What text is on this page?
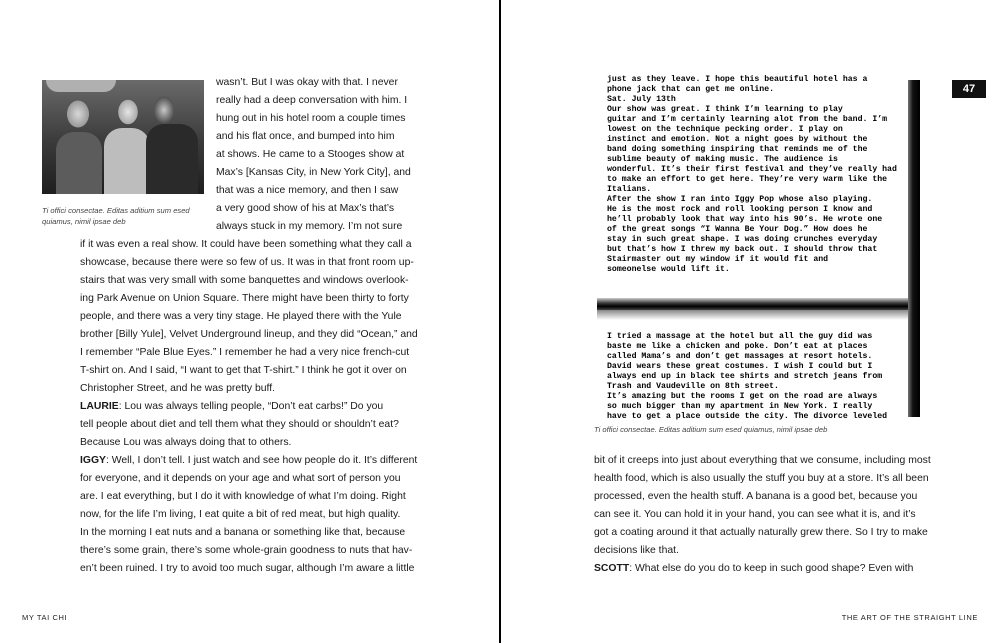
Ti offici consectae. Editas aditium sum esed
quiamus, nimil ipsae deb
wasn’t. But I was okay with that. I never
really had a deep conversation with him. I
hung out in his hotel room a couple times
and his flat once, and bumped into him
at shows. He came to a Stooges show at
Max’s [Kansas City, in New York City], and
that was a nice memory, and then I saw
a very good show of his at Max’s that’s
always stuck in my memory. I’m not sure
if it was even a real show. It could have been something what they call a
showcase, because there were so few of us. It was in that front room up-
stairs that was very small with some banquettes and windows overlook-
ing Park Avenue on Union Square. There might have been thirty to forty
people, and there was a very tiny stage. He played there with the Yule
brother [Billy Yule], Velvet Underground lineup, and they did “Ocean,” and
I remember “Pale Blue Eyes.” I remember he had a very nice french-cut
T-shirt on. And I said, “I want to get that T-shirt.” I think he got it over on
Christopher Street, and he was pretty buff.
LAURIE: Lou was always telling people, “Don’t eat carbs!” Do you
tell people about diet and tell them what they should or shouldn’t eat?
Because Lou was always doing that to others.
IGGY: Well, I don’t tell. I just watch and see how people do it. It’s different
for everyone, and it depends on your age and what sort of person you
are. I eat everything, but I do it with knowledge of what I’m doing. Right
now, for the life I’m living, I eat quite a bit of red meat, but high quality.
In the morning I eat nuts and a banana or something like that, because
there’s some grain, there’s some whole-grain goodness to nuts that hav-
en’t been ruined. I try to avoid too much sugar, although I’m aware a little
MY TAI CHI
just as they leave. I hope this beautiful hotel has a
phone jack that can get me online.
Sat. July 13th
Our show was great. I think I’m learning to play
guitar and I’m certainly learning alot from the band. I’m
lowest on the technique pecking order. I play on
instinct and emotion. Not a night goes by without the
band doing something inspiring that reminds me of the
sublime beauty of making music. The audience is
wonderful. It’s their first festival and they’ve really had
to make an effort to get here. They’re very warm like the
Italians.
After the show I ran into Iggy Pop whose also playing.
He is the most rock and roll looking person I know and
he’ll probably look that way into his 90’s. He wrote one
of the great songs “I Wanna Be Your Dog.” How does he
stay in such great shape. I was doing crunches everyday
but that’s how I threw my back out. I should throw that
Stairmaster out my window if it would fit and
someonelse would lift it.
I tried a massage at the hotel but all the guy did was
baste me like a chicken and poke. Don’t eat at places
called Mama’s and don’t get massages at resort hotels.
David wears these great costumes. I wish I could but I
always end up in black tee shirts and stretch jeans from
Trash and Vaudeville on 8th street.
It’s amazing but the rooms I get on the road are always
so much bigger than my apartment in New York. I really
have to get a place outside the city. The divorce leveled
47
Ti offici consectae. Editas aditium sum esed quiamus, nimil ipsae deb
bit of it creeps into just about everything that we consume, including most
health food, which is also usually the stuff you buy at a store. It’s all been
processed, even the health stuff. A banana is a good bet, because you
can see it. You can hold it in your hand, you can see what it is, and it’s
got a coating around it that actually naturally grew there. So I try to make
decisions like that.
SCOTT: What else do you do to keep in such good shape? Even with
THE ART OF THE STRAIGHT LINE
